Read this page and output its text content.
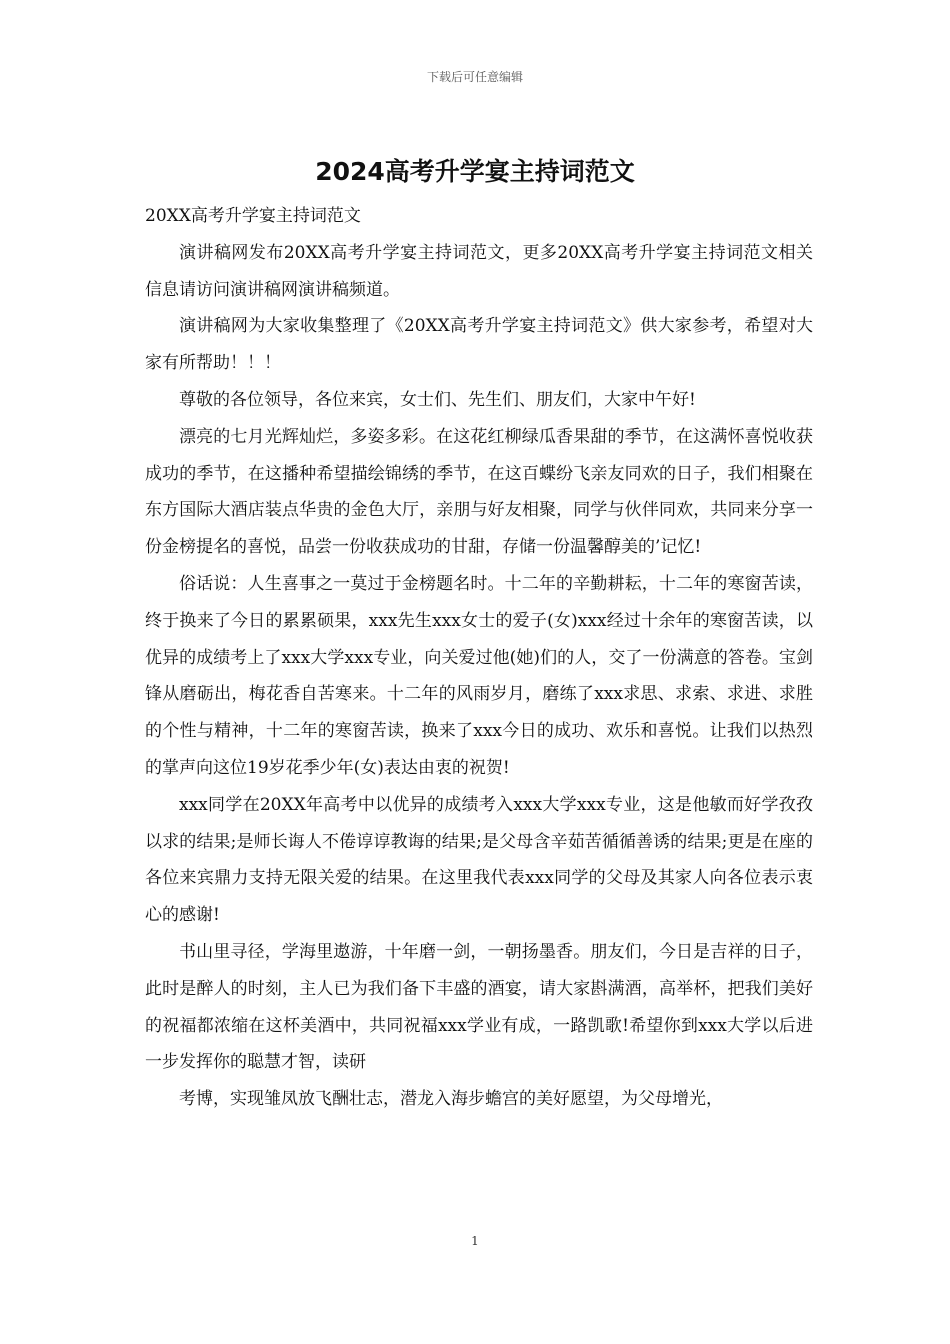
下载后可任意编辑
2024高考升学宴主持词范文

20XX高考升学宴主持词范文

演讲稿网发布20XX高考升学宴主持词范文，更多20XX高考升学宴主持词范文相关信息请访问演讲稿网演讲稿频道。

演讲稿网为大家收集整理了《20XX高考升学宴主持词范文》供大家参考，希望对大家有所帮助！！！

尊敬的各位领导，各位来宾，女士们、先生们、朋友们，大家中午好!

漂亮的七月光辉灿烂，多姿多彩。在这花红柳绿瓜香果甜的季节，在这满怀喜悦收获成功的季节，在这播种希望描绘锦绣的季节，在这百蝶纷飞亲友同欢的日子，我们相聚在东方国际大酒店装点华贵的金色大厅，亲朋与好友相聚，同学与伙伴同欢，共同来分享一份金榜提名的喜悦，品尝一份收获成功的甘甜，存储一份温馨醇美的’记忆!

俗话说：人生喜事之一莫过于金榜题名时。十二年的辛勤耕耘，十二年的寒窗苦读，终于换来了今日的累累硕果，xxx先生xxx女士的爱子(女)xxx经过十余年的寒窗苦读，以优异的成绩考上了xxx大学xxx专业，向关爱过他(她)们的人，交了一份满意的答卷。宝剑锋从磨砺出，梅花香自苦寒来。十二年的风雨岁月，磨练了xxx求思、求索、求进、求胜的个性与精神，十二年的寒窗苦读，换来了xxx今日的成功、欢乐和喜悦。让我们以热烈的掌声向这位19岁花季少年(女)表达由衷的祝贺!

xxx同学在20XX年高考中以优异的成绩考入xxx大学xxx专业，这是他敏而好学孜孜以求的结果;是师长诲人不倦谆谆教诲的结果;是父母含辛茹苦循循善诱的结果;更是在座的各位来宾鼎力支持无限关爱的结果。在这里我代表xxx同学的父母及其家人向各位表示衷心的感谢!

书山里寻径，学海里遨游，十年磨一剑，一朝扬墨香。朋友们，今日是吉祥的日子，此时是醉人的时刻，主人已为我们备下丰盛的酒宴，请大家斟满酒，高举杯，把我们美好的祝福都浓缩在这杯美酒中，共同祝福xxx学业有成，一路凯歌!希望你到xxx大学以后进一步发挥你的聪慧才智，读研

考博，实现雏凤放飞酬壮志，潜龙入海步蟾宫的美好愿望，为父母增光，

1
